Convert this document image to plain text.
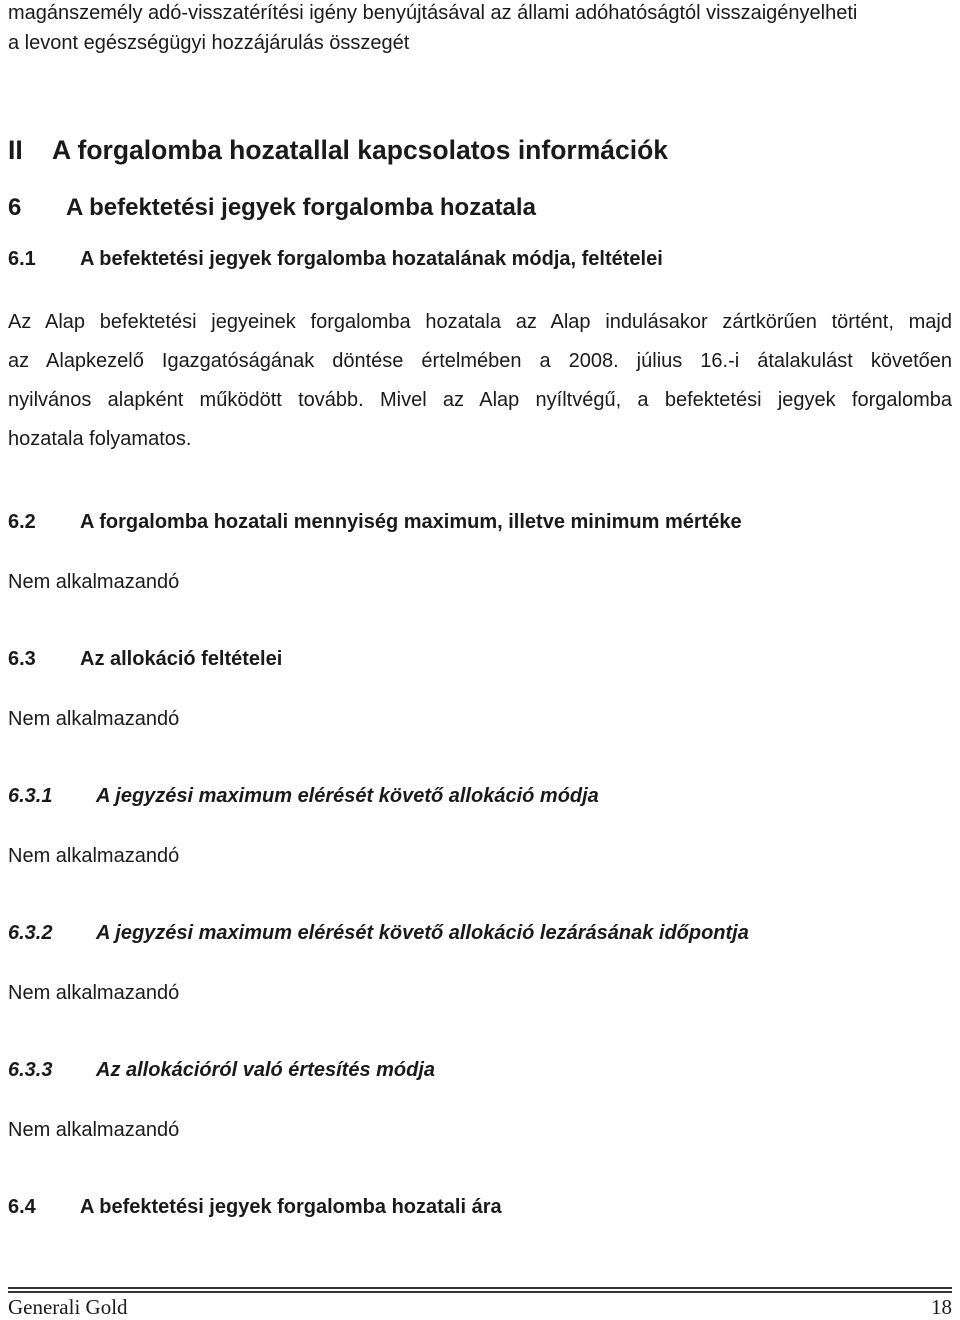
magánszemély adó-visszatérítési igény benyújtásával az állami adóhatóságtól visszaigényelheti
a levont egészségügyi hozzájárulás összegét
II A forgalomba hozatallal kapcsolatos információk
6 A befektetési jegyek forgalomba hozatala
6.1 A befektetési jegyek forgalomba hozatalának módja, feltételei
Az Alap befektetési jegyeinek forgalomba hozatala az Alap indulásakor zártkörűen történt, majd
az Alapkezelő Igazgatóságának döntése értelmében a 2008. július 16.-i átalakulást követően
nyilvános alapként működött tovább. Mivel az Alap nyíltvégű, a befektetési jegyek forgalomba
hozatala folyamatos.
6.2 A forgalomba hozatali mennyiség maximum, illetve minimum mértéke
Nem alkalmazandó
6.3 Az allokáció feltételei
Nem alkalmazandó
6.3.1 A jegyzési maximum elérését követő allokáció módja
Nem alkalmazandó
6.3.2 A jegyzési maximum elérését követő allokáció lezárásának időpontja
Nem alkalmazandó
6.3.3 Az allokációról való értesítés módja
Nem alkalmazandó
6.4 A befektetési jegyek forgalomba hozatali ára
Generali Gold	18
